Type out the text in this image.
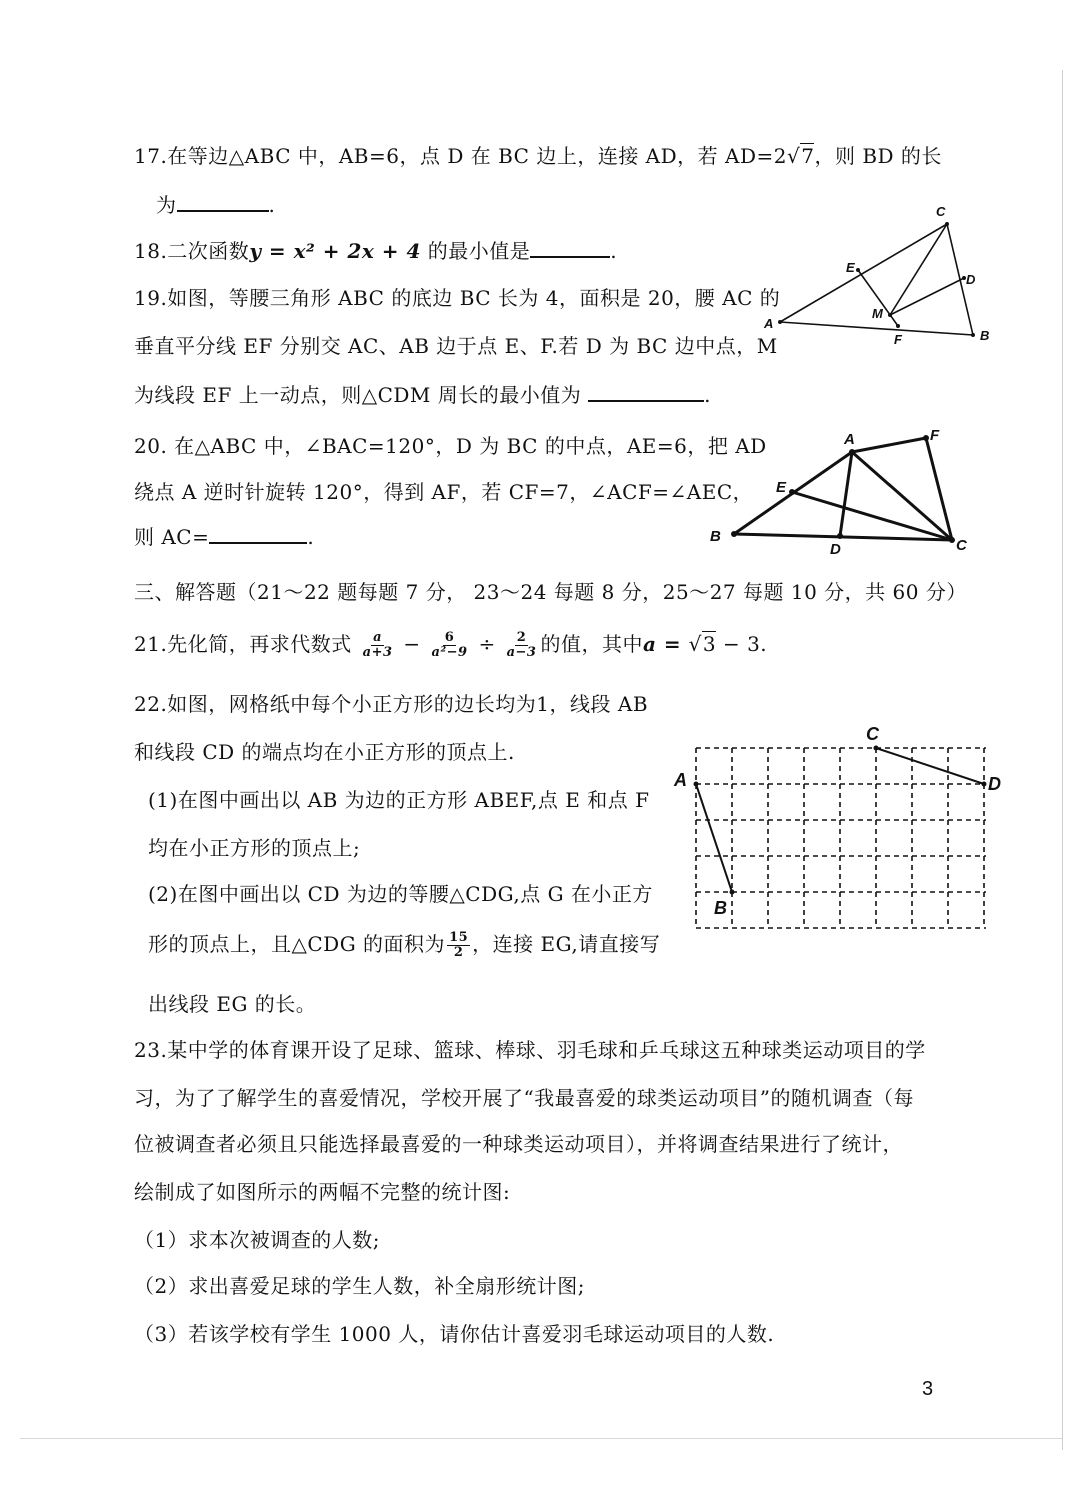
17.在等边△ABC 中，AB=6，点 D 在 BC 边上，连接 AD，若 AD=2√7，则 BD 的长
为	.
18.二次函数y = x² + 2x + 4 的最小值是	.
19.如图，等腰三角形 ABC 的底边 BC 长为 4，面积是 20，腰 AC 的
垂直平分线 EF 分别交 AC、AB 边于点 E、F.若 D 为 BC 边中点，M
为线段 EF 上一动点，则△CDM 周长的最小值为	.
A
C
B
D
E
F
M
20. 在△ABC 中，∠BAC=120°，D 为 BC 的中点，AE=6，把 AD
绕点 A 逆时针旋转 120°，得到 AF，若 CF=7，∠ACF=∠AEC，
则 AC=	.	B
A	F
C
D
E
三、解答题（21～22 题每题 7 分， 23～24 每题 8 分，25～27 每题 10 分，共 60 分）
21.先化简，再求代数式 $\frac{a}{a+3} - \frac{6}{\text{a²−9}} \div \frac{2}{a-3}$ 的值，其中a = √3 − 3.
22.如图，网格纸中每个小正方形的边长均为1，线段 AB
和线段 CD 的端点均在小正方形的顶点上.
(1)在图中画出以 AB 为边的正方形 ABEF,点 E 和点 F
均在小正方形的顶点上;
(2)在图中画出以 CD 为边的等腰△CDG,点 G 在小正方
形的顶点上，且△CDG 的面积为 $\frac{15}{2}$ ，连接 EG,请直接写
出线段 EG 的长。
A
B
C
D
23.某中学的体育课开设了足球、篮球、棒球、羽毛球和乒乓球这五种球类运动项目的学
习，为了了解学生的喜爱情况，学校开展了“我最喜爱的球类运动项目”的随机调查（每
位被调查者必须且只能选择最喜爱的一种球类运动项目），并将调查结果进行了统计，
绘制成了如图所示的两幅不完整的统计图:
（1）求本次被调查的人数;
（2）求出喜爱足球的学生人数，补全扇形统计图;
（3）若该学校有学生 1000 人，请你估计喜爱羽毛球运动项目的人数.
3
